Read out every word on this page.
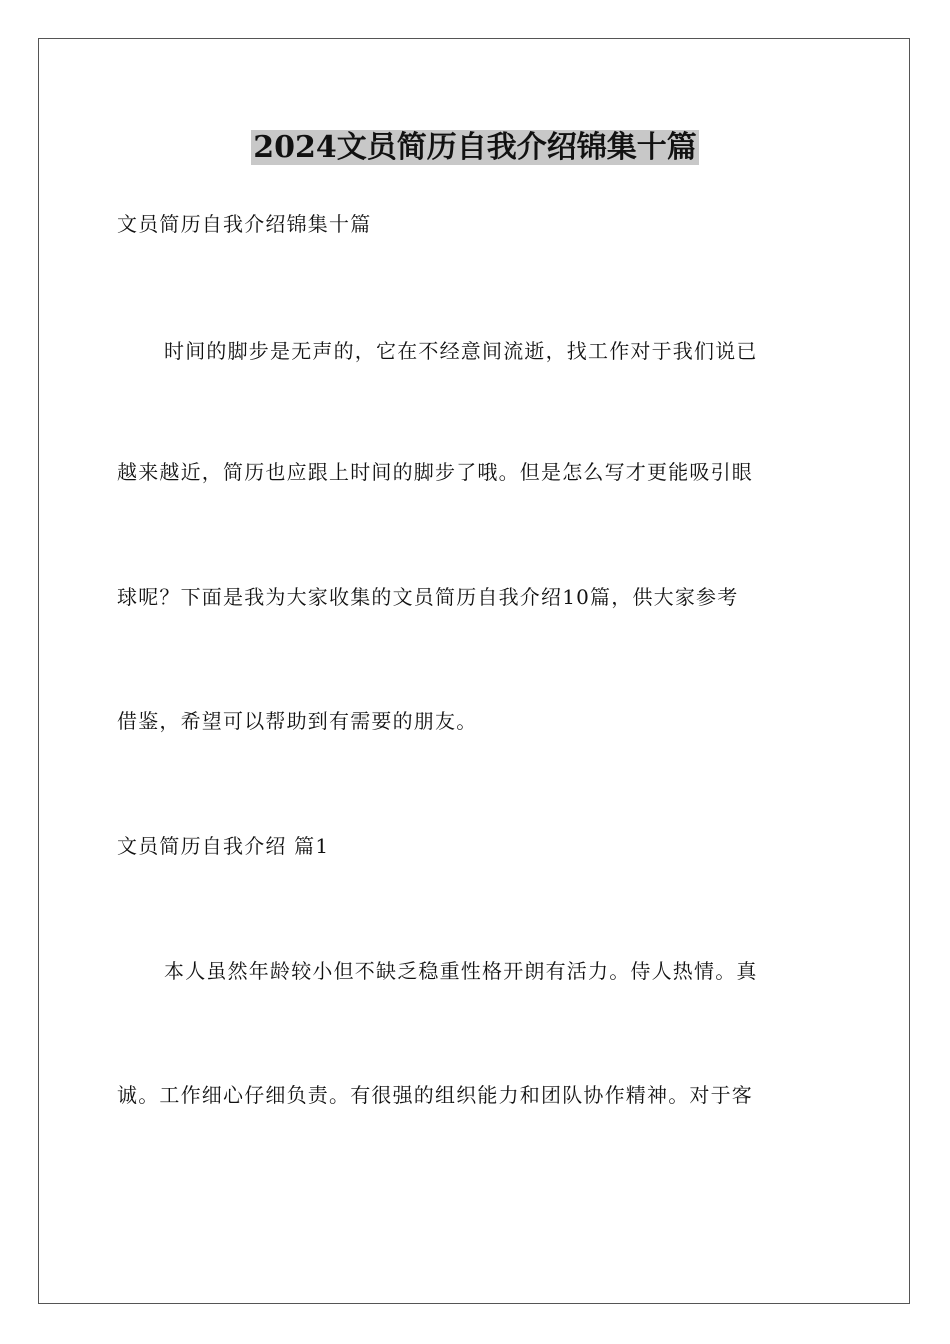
2024文员简历自我介绍锦集十篇
文员简历自我介绍锦集十篇
时间的脚步是无声的，它在不经意间流逝，找工作对于我们说已
越来越近，简历也应跟上时间的脚步了哦。但是怎么写才更能吸引眼
球呢？下面是我为大家收集的文员简历自我介绍10篇，供大家参考
借鉴，希望可以帮助到有需要的朋友。
文员简历自我介绍 篇1
本人虽然年龄较小但不缺乏稳重性格开朗有活力。侍人热情。真
诚。工作细心仔细负责。有很强的组织能力和团队协作精神。对于客
